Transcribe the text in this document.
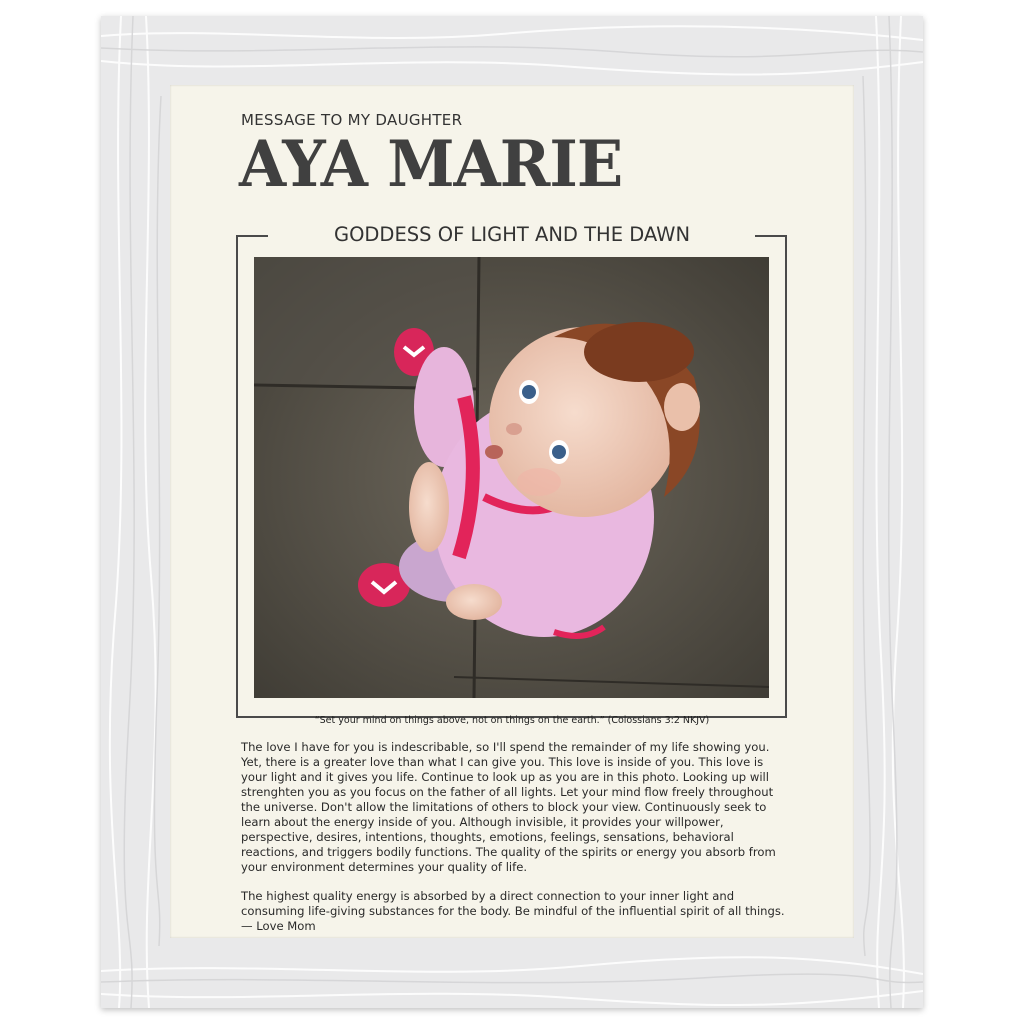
MESSAGE TO MY DAUGHTER
AYA MARIE
GODDESS OF LIGHT AND THE DAWN
“Set your mind on things above, not on things on the earth.” (Colossians 3:2 NKJV)

The love I have for you is indescribable, so I'll spend the remainder of my life showing you. Yet, there is a greater love than what I can give you. This love is inside of you. This love is your light and it gives you life. Continue to look up as you are in this photo. Looking up will strenghten you as you focus on the father of all lights. Let your mind flow freely throughout the universe. Don't allow the limitations of others to block your view. Continuously seek to learn about the energy inside of you. Although invisible, it provides your willpower, perspective, desires, intentions, thoughts, emotions, feelings, sensations, behavioral reactions, and triggers bodily functions. The quality of the spirits or energy you absorb from your environment determines your quality of life.

The highest quality energy is absorbed by a direct connection to your inner light and consuming life-giving substances for the body. Be mindful of the influential spirit of all things. — Love Mom
